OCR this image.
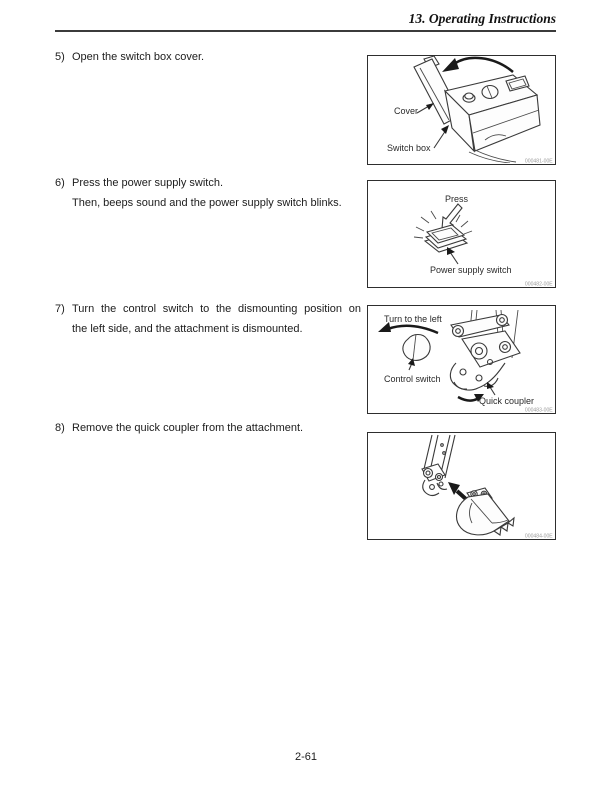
13. Operating Instructions
5) Open the switch box cover.
6) Press the power supply switch.
Then, beeps sound and the power supply switch blinks.
7) Turn the control switch to the dismounting position on
the left side, and the attachment is dismounted.
8) Remove the quick coupler from the attachment.
Cover
Switch box
000481-00E
Press
Power supply switch
000482-00E
Turn to the left
Control switch
Quick coupler
000483-00E
000484-00E
2-61
